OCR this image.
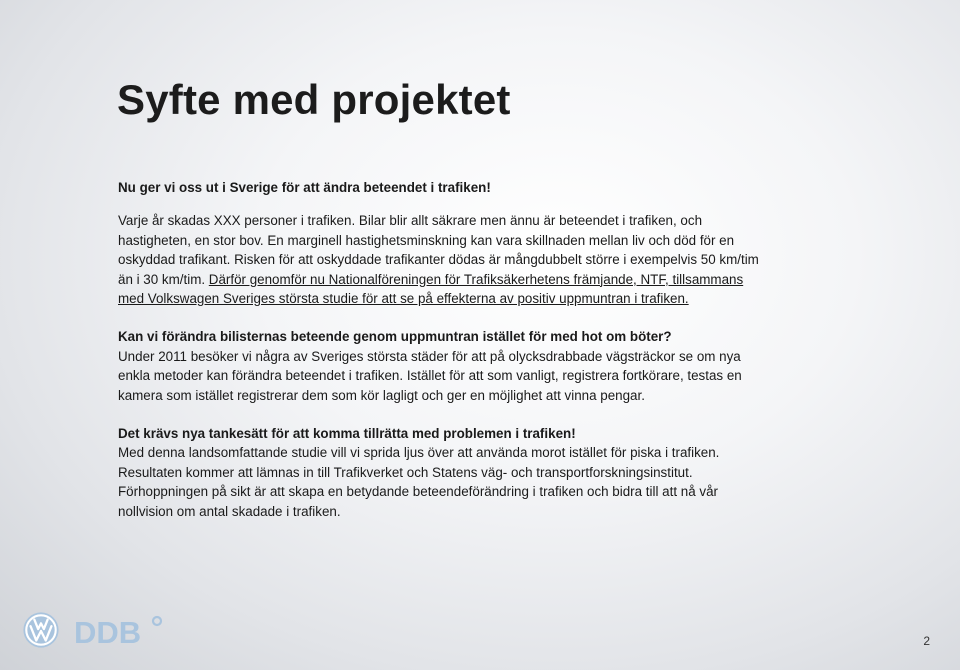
Syfte med projektet

Nu ger vi oss ut i Sverige för att ändra beteendet i trafiken!

Varje år skadas XXX personer i trafiken. Bilar blir allt säkrare men ännu är beteendet i trafiken, och hastigheten, en stor bov. En marginell hastighetsminskning kan vara skillnaden mellan liv och död för en oskyddad trafikant. Risken för att oskyddade trafikanter dödas är mångdubbelt större i exempelvis 50 km/tim än i 30 km/tim. Därför genomför nu Nationalföreningen för Trafiksäkerhetens främjande, NTF, tillsammans med Volkswagen Sveriges största studie för att se på effekterna av positiv uppmuntran i trafiken.

Kan vi förändra bilisternas beteende genom uppmuntran istället för med hot om böter?

Under 2011 besöker vi några av Sveriges största städer för att på olycksdrabbade vägsträckor se om nya enkla metoder kan förändra beteendet i trafiken. Istället för att som vanligt, registrera fortkörare, testas en kamera som istället registrerar dem som kör lagligt och ger en möjlighet att vinna pengar.

Det krävs nya tankesätt för att komma tillrätta med problemen i trafiken!

Med denna landsomfattande studie vill vi sprida ljus över att använda morot istället för piska i trafiken.

Resultaten kommer att lämnas in till Trafikverket och Statens väg- och transportforskningsinstitut.

Förhoppningen på sikt är att skapa en betydande beteendeförändring i trafiken och bidra till att nå vår nollvision om antal skadade i trafiken.

DDB	2
